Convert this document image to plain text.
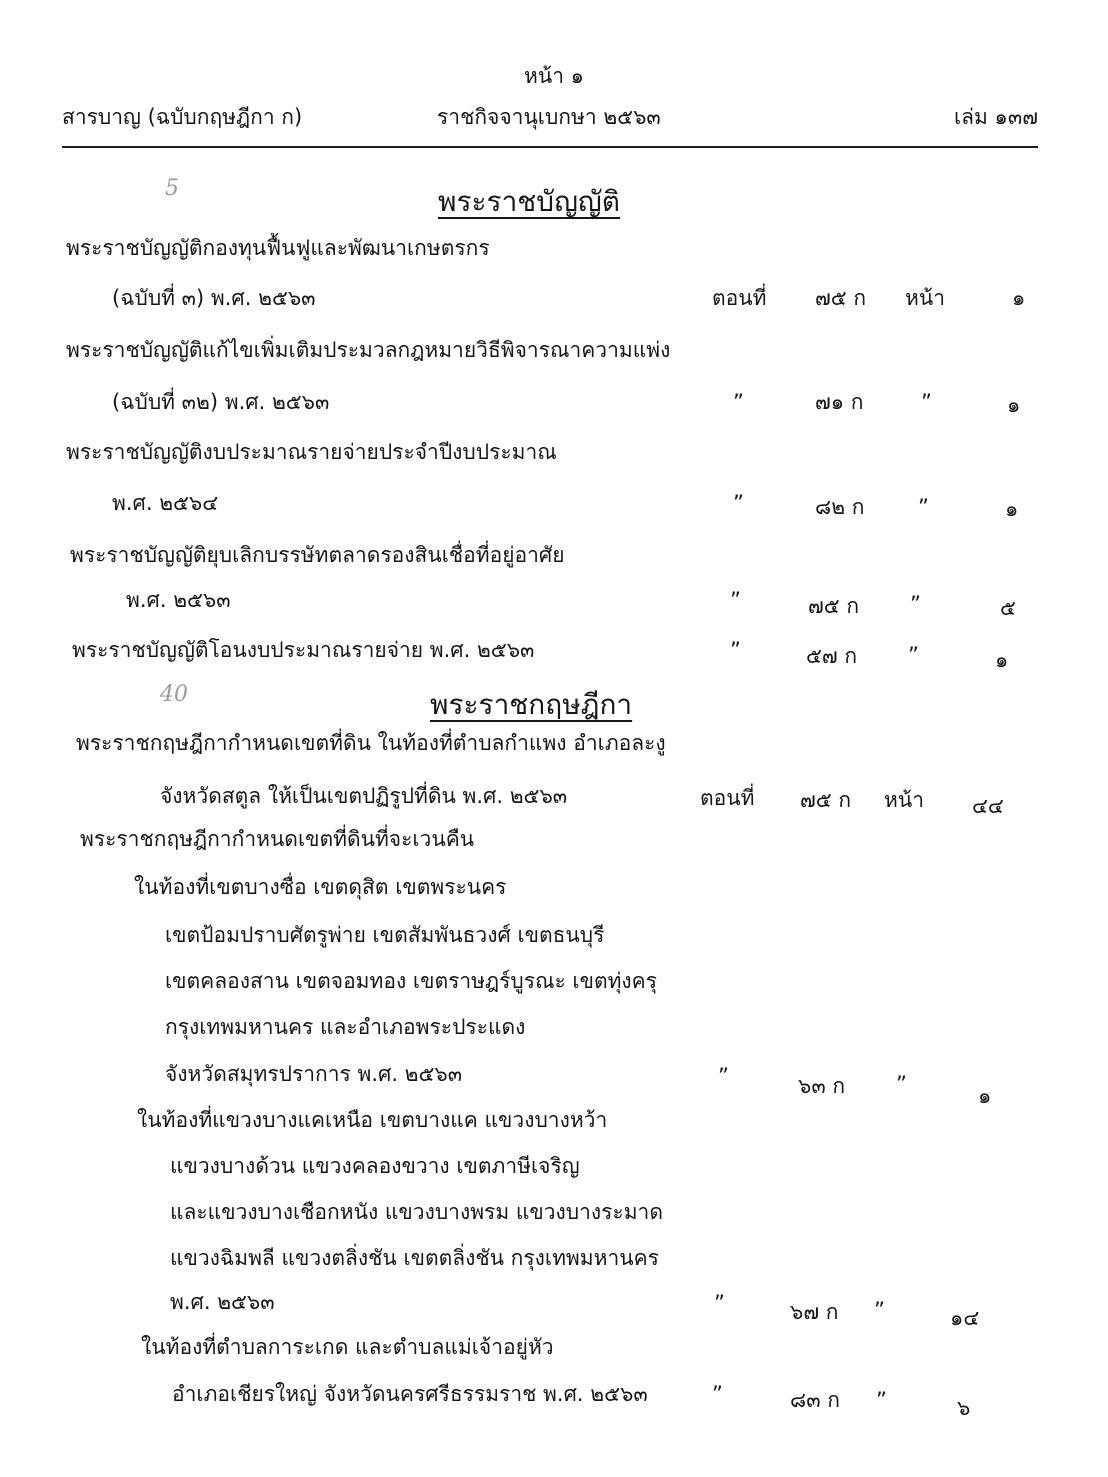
หน้า ๑
สารบาญ (ฉบับกฤษฎีกา ก)	ราชกิจจานุเบกษา ๒๕๖๓	เล่ม ๑๓๗
5
40
พระราชบัญญัติ
พระราชบัญญัติกองทุนฟื้นฟูและพัฒนาเกษตรกร
(ฉบับที่ ๓) พ.ศ. ๒๕๖๓	ตอนที่ ๗๕ ก หน้า	๑
พระราชบัญญัติแก้ไขเพิ่มเติมประมวลกฎหมายวิธีพิจารณาความแพ่ง
(ฉบับที่ ๓๒) พ.ศ. ๒๕๖๓	”	๗๑ ก	”	๑
พระราชบัญญัติงบประมาณรายจ่ายประจำปีงบประมาณ
พ.ศ. ๒๕๖๔	”	๘๒ ก	”	๑
พระราชบัญญัติยุบเลิกบรรษัทตลาดรองสินเชื่อที่อยู่อาศัย
พ.ศ. ๒๕๖๓	”	๗๕ ก ”	๕
พระราชบัญญัติโอนงบประมาณรายจ่าย พ.ศ. ๒๕๖๓	”	๕๗ ก ”	๑
พระราชกฤษฎีกา
พระราชกฤษฎีกากำหนดเขตที่ดิน ในท้องที่ตำบลกำแพง อำเภอละงู
จังหวัดสตูล ให้เป็นเขตปฏิรูปที่ดิน พ.ศ. ๒๕๖๓	ตอนที่ ๗๕ ก หน้า ๔๔
พระราชกฤษฎีกากำหนดเขตที่ดินที่จะเวนคืน
ในท้องที่เขตบางซื่อ เขตดุสิต เขตพระนคร
เขตป้อมปราบศัตรูพ่าย เขตสัมพันธวงศ์ เขตธนบุรี
เขตคลองสาน เขตจอมทอง เขตราษฎร์บูรณะ เขตทุ่งครุ
กรุงเทพมหานคร และอำเภอพระประแดง
จังหวัดสมุทรปราการ พ.ศ. ๒๕๖๓	”	๖๓ ก ”	๑
ในท้องที่แขวงบางแคเหนือ เขตบางแค แขวงบางหว้า
แขวงบางด้วน แขวงคลองขวาง เขตภาษีเจริญ
และแขวงบางเชือกหนัง แขวงบางพรม แขวงบางระมาด
แขวงฉิมพลี แขวงตลิ่งชัน เขตตลิ่งชัน กรุงเทพมหานคร
พ.ศ. ๒๕๖๓	”	๖๗ ก ”	๑๔
ในท้องที่ตำบลการะเกด และตำบลแม่เจ้าอยู่หัว
อำเภอเชียรใหญ่ จังหวัดนครศรีธรรมราช พ.ศ. ๒๕๖๓	”	๘๓ ก ”	๖
